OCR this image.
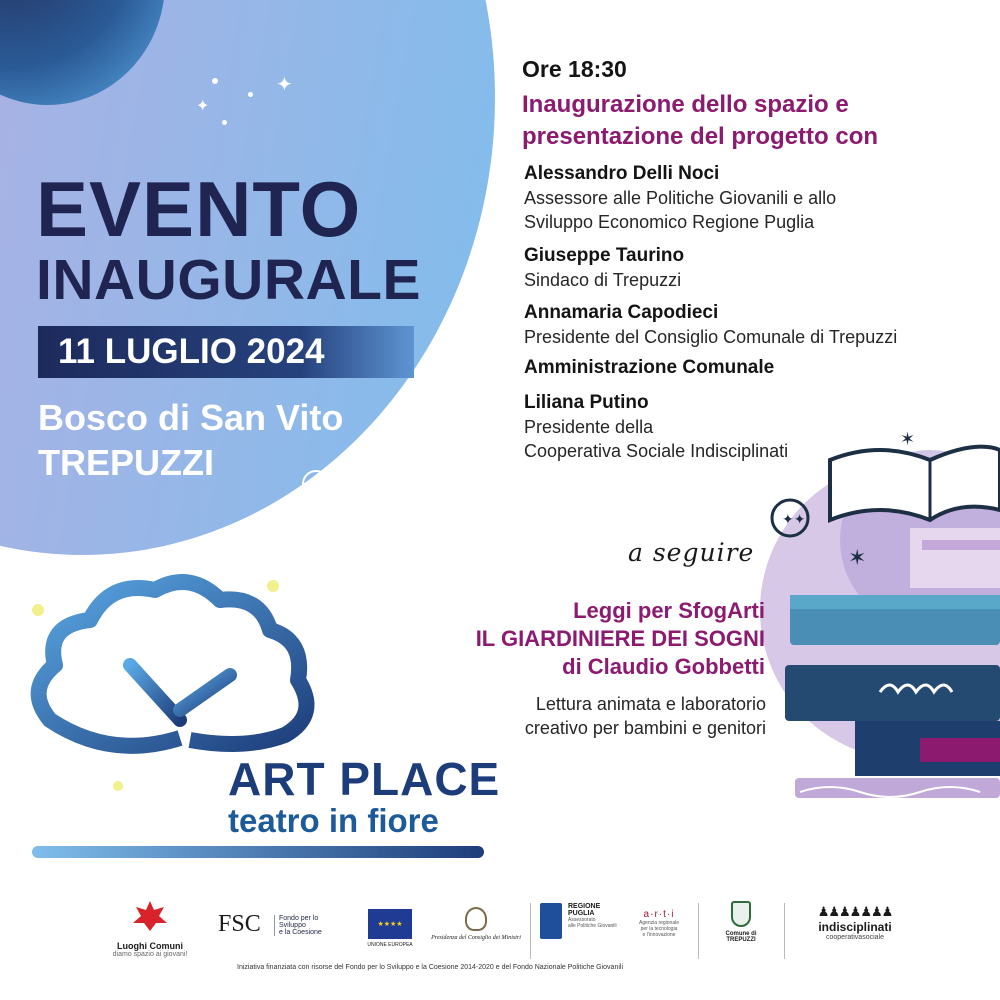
✦
✦
✦
EVENTO
INAUGURALE
11 LUGLIO 2024
Bosco di San Vito
TREPUZZI
Ore 18:30
Inaugurazione dello spazio e
presentazione del progetto con
Alessandro Delli Noci
Assessore alle Politiche Giovanili e allo
Sviluppo Economico Regione Puglia
Giuseppe Taurino
Sindaco di Trepuzzi
Annamaria Capodieci
Presidente del Consiglio Comunale di Trepuzzi
Amministrazione Comunale
Liliana Putino
Presidente della
Cooperativa Sociale Indisciplinati
✦✦
✶
✶
a seguire
Leggi per SfogArti
IL GIARDINIERE DEI SOGNI
di Claudio Gobbetti
Lettura animata e laboratorio
creativo per bambini e genitori
ART PLACE
teatro in fiore
Luoghi Comuni
diamo spazio ai giovani!
FSC	Fondo per lo Sviluppo
e la Coesione
★★★★
UNIONE EUROPEA
Presidenza del Consiglio dei Ministri
REGIONE
PUGLIA
Assessorato
alle Politiche Giovanili
a·r·t·i
Agenzia regionale
per la tecnologia
e l'innovazione	Comune di
TREPUZZI
♟♟♟♟♟♟♟
indisciplinati
cooperativasociale
Iniziativa finanziata con risorse del Fondo per lo Sviluppo e la Coesione 2014-2020 e del Fondo Nazionale Politiche Giovanili
